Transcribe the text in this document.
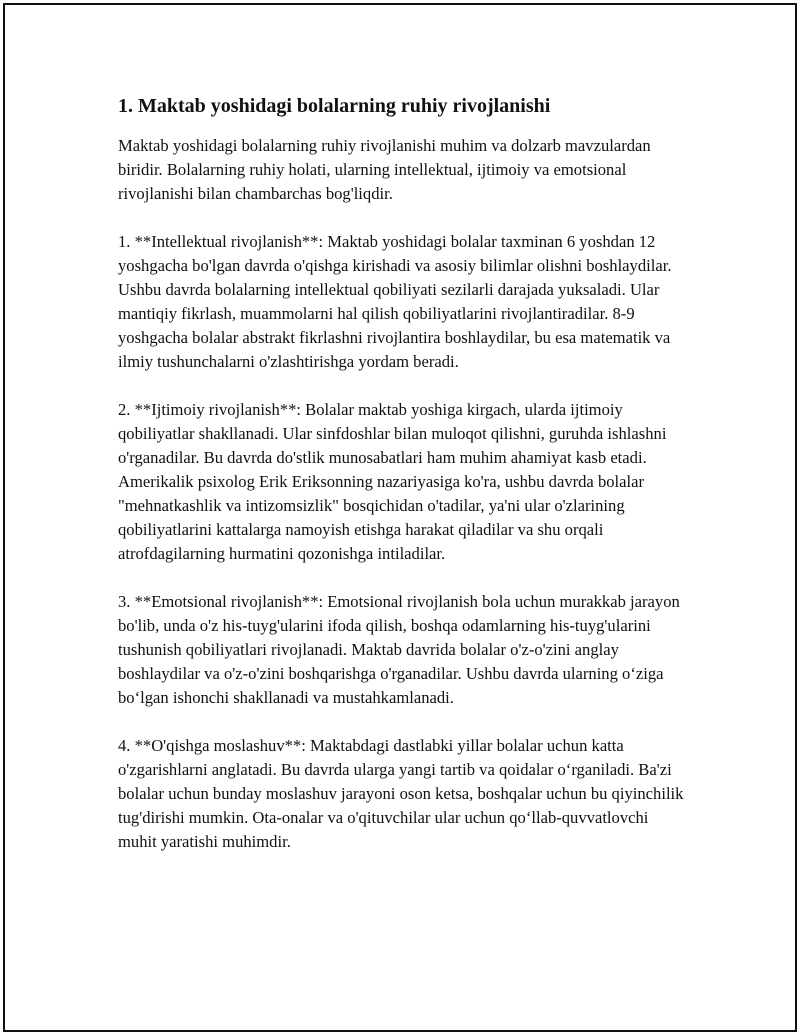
1. Maktab yoshidagi bolalarning ruhiy rivojlanishi

Maktab yoshidagi bolalarning ruhiy rivojlanishi muhim va dolzarb mavzulardan biridir. Bolalarning ruhiy holati, ularning intellektual, ijtimoiy va emotsional rivojlanishi bilan chambarchas bog'liqdir.

1. **Intellektual rivojlanish**: Maktab yoshidagi bolalar taxminan 6 yoshdan 12 yoshgacha bo'lgan davrda o'qishga kirishadi va asosiy bilimlar olishni boshlaydilar. Ushbu davrda bolalarning intellektual qobiliyati sezilarli darajada yuksaladi. Ular mantiqiy fikrlash, muammolarni hal qilish qobiliyatlarini rivojlantiradilar. 8-9 yoshgacha bolalar abstrakt fikrlashni rivojlantira boshlaydilar, bu esa matematik va ilmiy tushunchalarni o'zlashtirishga yordam beradi.

2. **Ijtimoiy rivojlanish**: Bolalar maktab yoshiga kirgach, ularda ijtimoiy qobiliyatlar shakllanadi. Ular sinfdoshlar bilan muloqot qilishni, guruhda ishlashni o'rganadilar. Bu davrda do'stlik munosabatlari ham muhim ahamiyat kasb etadi. Amerikalik psixolog Erik Eriksonning nazariyasiga ko'ra, ushbu davrda bolalar "mehnatkashlik va intizomsizlik" bosqichidan o'tadilar, ya'ni ular o'zlarining qobiliyatlarini kattalarga namoyish etishga harakat qiladilar va shu orqali atrofdagilarning hurmatini qozonishga intiladilar.

3. **Emotsional rivojlanish**: Emotsional rivojlanish bola uchun murakkab jarayon bo'lib, unda o'z his-tuyg'ularini ifoda qilish, boshqa odamlarning his-tuyg'ularini tushunish qobiliyatlari rivojlanadi. Maktab davrida bolalar o'z-o'zini anglay boshlaydilar va o'z-o'zini boshqarishga o'rganadilar. Ushbu davrda ularning o‘ziga bo‘lgan ishonchi shakllanadi va mustahkamlanadi.

4. **O'qishga moslashuv**: Maktabdagi dastlabki yillar bolalar uchun katta o'zgarishlarni anglatadi. Bu davrda ularga yangi tartib va qoidalar o‘rganiladi. Ba'zi bolalar uchun bunday moslashuv jarayoni oson ketsa, boshqalar uchun bu qiyinchilik tug'dirishi mumkin. Ota-onalar va o'qituvchilar ular uchun qo‘llab-quvvatlovchi muhit yaratishi muhimdir.
